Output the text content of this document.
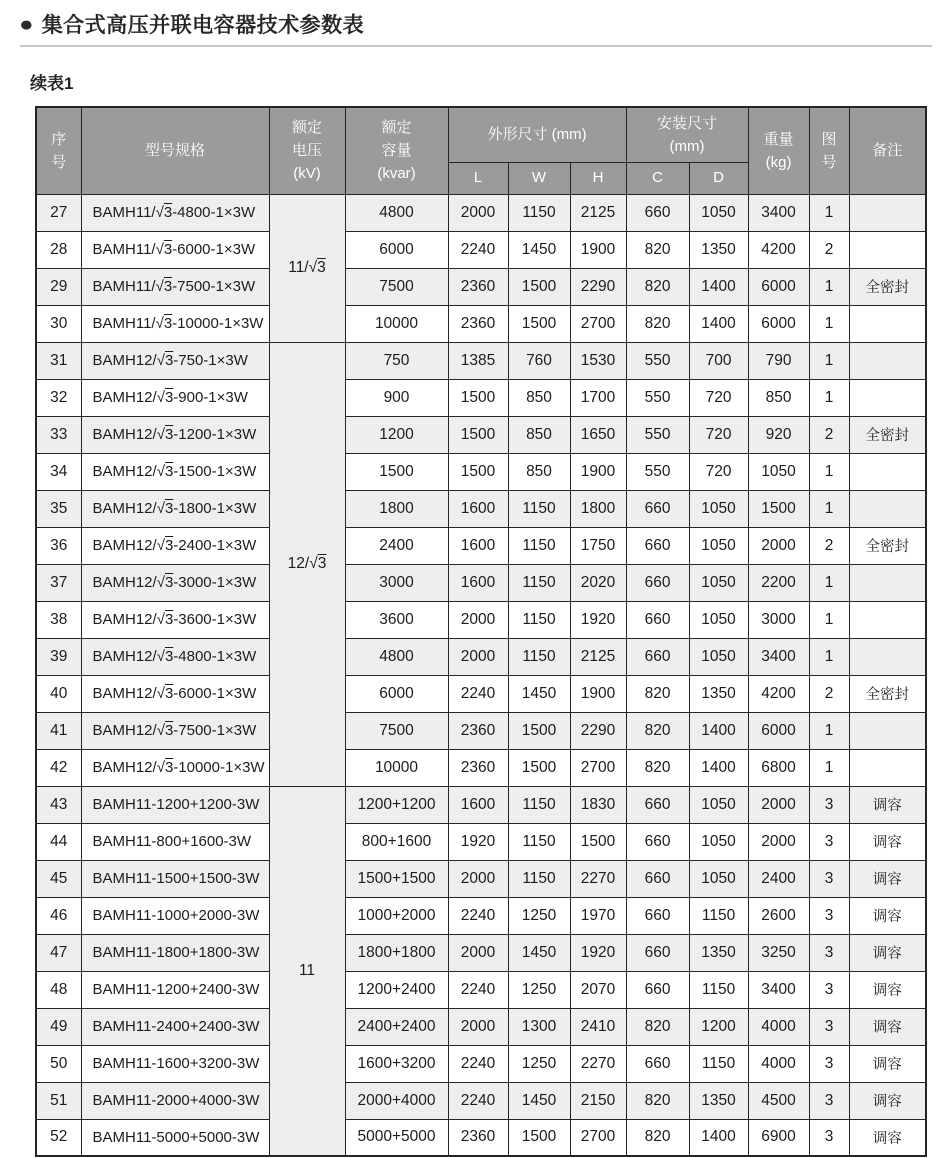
● 集合式高压并联电容器技术参数表
续表1
序
号	型号规格	额定
电压
(kV)	额定
容量
(kvar)	外形尺寸 (mm)			安装尺寸
(mm)		重量
(kg)	图
号	备注
				L	W	H	C	D			
27	BAMH11/√3-4800-1×3W	11/√3	4800	2000	1150	2125	660	1050	3400	1	
28	BAMH11/√3-6000-1×3W		6000	2240	1450	1900	820	1350	4200	2	
29	BAMH11/√3-7500-1×3W		7500	2360	1500	2290	820	1400	6000	1	全密封
30	BAMH11/√3-10000-1×3W		10000	2360	1500	2700	820	1400	6000	1	
31	BAMH12/√3-750-1×3W	12/√3	750	1385	760	1530	550	700	790	1	
32	BAMH12/√3-900-1×3W		900	1500	850	1700	550	720	850	1	
33	BAMH12/√3-1200-1×3W		1200	1500	850	1650	550	720	920	2	全密封
34	BAMH12/√3-1500-1×3W		1500	1500	850	1900	550	720	1050	1	
35	BAMH12/√3-1800-1×3W		1800	1600	1150	1800	660	1050	1500	1	
36	BAMH12/√3-2400-1×3W		2400	1600	1150	1750	660	1050	2000	2	全密封
37	BAMH12/√3-3000-1×3W		3000	1600	1150	2020	660	1050	2200	1	
38	BAMH12/√3-3600-1×3W		3600	2000	1150	1920	660	1050	3000	1	
39	BAMH12/√3-4800-1×3W		4800	2000	1150	2125	660	1050	3400	1	
40	BAMH12/√3-6000-1×3W		6000	2240	1450	1900	820	1350	4200	2	全密封
41	BAMH12/√3-7500-1×3W		7500	2360	1500	2290	820	1400	6000	1	
42	BAMH12/√3-10000-1×3W		10000	2360	1500	2700	820	1400	6800	1	
43	BAMH11-1200+1200-3W	11	1200+1200	1600	1150	1830	660	1050	2000	3	调容
44	BAMH11-800+1600-3W		800+1600	1920	1150	1500	660	1050	2000	3	调容
45	BAMH11-1500+1500-3W		1500+1500	2000	1150	2270	660	1050	2400	3	调容
46	BAMH11-1000+2000-3W		1000+2000	2240	1250	1970	660	1150	2600	3	调容
47	BAMH11-1800+1800-3W		1800+1800	2000	1450	1920	660	1350	3250	3	调容
48	BAMH11-1200+2400-3W		1200+2400	2240	1250	2070	660	1150	3400	3	调容
49	BAMH11-2400+2400-3W		2400+2400	2000	1300	2410	820	1200	4000	3	调容
50	BAMH11-1600+3200-3W		1600+3200	2240	1250	2270	660	1150	4000	3	调容
51	BAMH11-2000+4000-3W		2000+4000	2240	1450	2150	820	1350	4500	3	调容
52	BAMH11-5000+5000-3W		5000+5000	2360	1500	2700	820	1400	6900	3	调容
